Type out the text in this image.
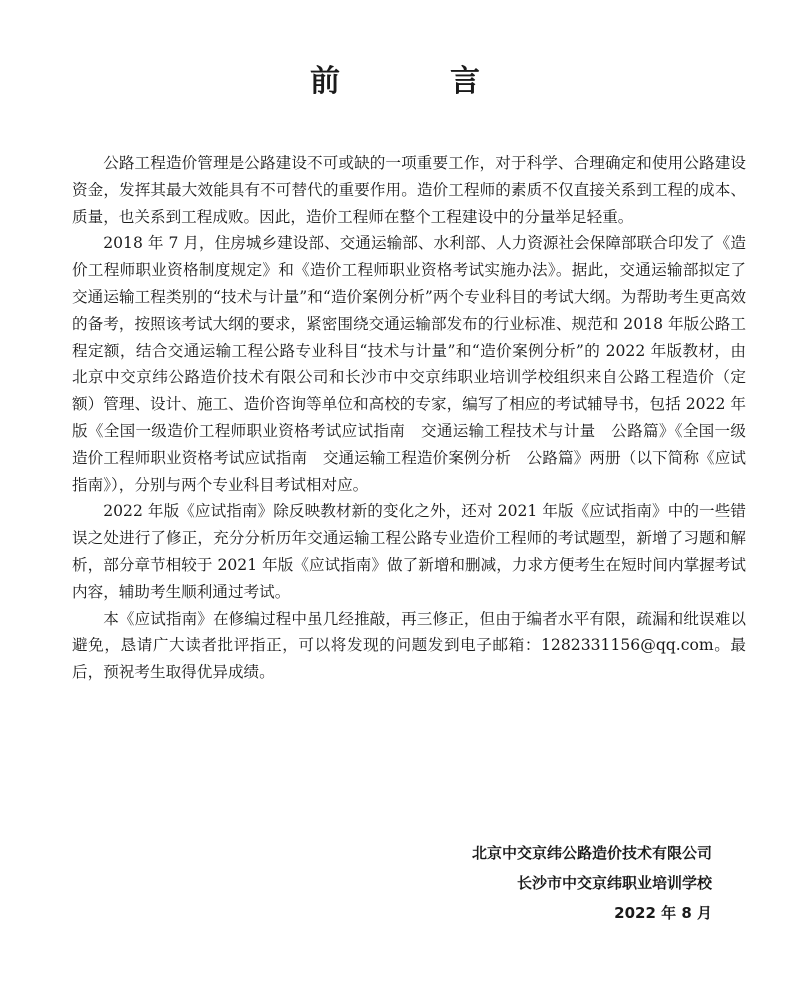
前　言

公路工程造价管理是公路建设不可或缺的一项重要工作，对于科学、合理确定和使用公路建设资金，发挥其最大效能具有不可替代的重要作用。造价工程师的素质不仅直接关系到工程的成本、质量，也关系到工程成败。因此，造价工程师在整个工程建设中的分量举足轻重。

2018 年 7 月，住房城乡建设部、交通运输部、水利部、人力资源社会保障部联合印发了《造价工程师职业资格制度规定》和《造价工程师职业资格考试实施办法》。据此，交通运输部拟定了交通运输工程类别的“技术与计量”和“造价案例分析”两个专业科目的考试大纲。为帮助考生更高效的备考，按照该考试大纲的要求，紧密围绕交通运输部发布的行业标准、规范和 2018 年版公路工程定额，结合交通运输工程公路专业科目“技术与计量”和“造价案例分析”的 2022 年版教材，由北京中交京纬公路造价技术有限公司和长沙市中交京纬职业培训学校组织来自公路工程造价（定额）管理、设计、施工、造价咨询等单位和高校的专家，编写了相应的考试辅导书，包括 2022 年版《全国一级造价工程师职业资格考试应试指南　交通运输工程技术与计量　公路篇》《全国一级造价工程师职业资格考试应试指南　交通运输工程造价案例分析　公路篇》两册（以下简称《应试指南》），分别与两个专业科目考试相对应。

2022 年版《应试指南》除反映教材新的变化之外，还对 2021 年版《应试指南》中的一些错误之处进行了修正，充分分析历年交通运输工程公路专业造价工程师的考试题型，新增了习题和解析，部分章节相较于 2021 年版《应试指南》做了新增和删减，力求方便考生在短时间内掌握考试内容，辅助考生顺利通过考试。

本《应试指南》在修编过程中虽几经推敲，再三修正，但由于编者水平有限，疏漏和纰误难以避免，恳请广大读者批评指正，可以将发现的问题发到电子邮箱：1282331156@qq.com。最后，预祝考生取得优异成绩。

北京中交京纬公路造价技术有限公司
长沙市中交京纬职业培训学校
2022 年 8 月
